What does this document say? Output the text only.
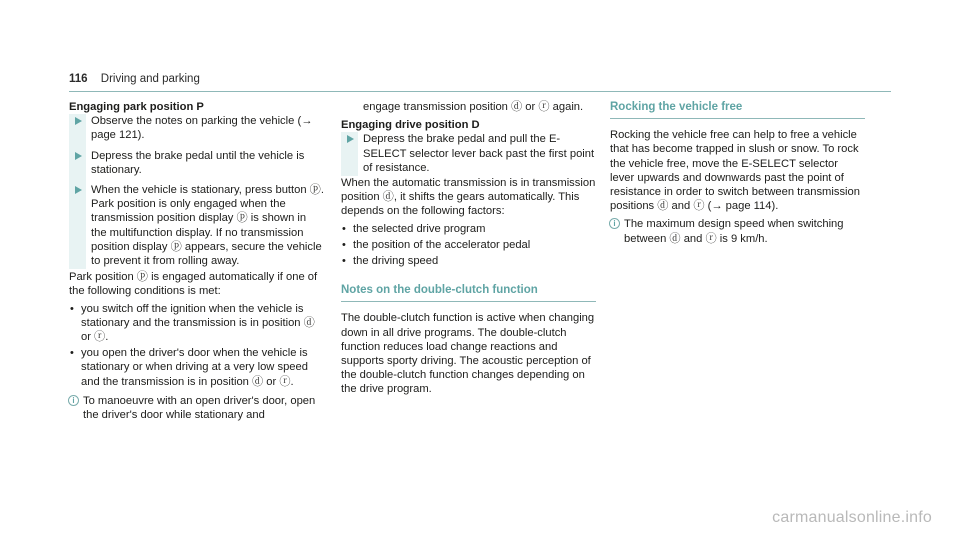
116 Driving and parking

Engaging park position P

Observe the notes on parking the vehicle (→ page 121).
Depress the brake pedal until the vehicle is stationary.

When the vehicle is stationary, press button ⓟ.

Park position is only engaged when the transmission position display ⓟ is shown in the multifunction display. If no transmission position display ⓟ appears, secure the vehicle to prevent it from rolling away.

Park position ⓟ is engaged automatically if one of the following conditions is met:

• you switch off the ignition when the vehicle is stationary and the transmission is in position ⓓ or ⓡ.
• you open the driver's door when the vehicle is stationary or when driving at a very low speed and the transmission is in position ⓓ or ⓡ.
i To manoeuvre with an open driver's door, open the driver's door while stationary and

engage transmission position ⓓ or ⓡ again.

Engaging drive position D

Depress the brake pedal and pull the E-SELECT selector lever back past the first point of resistance.

When the automatic transmission is in transmission position ⓓ, it shifts the gears automatically. This depends on the following factors:

• the selected drive program
• the position of the accelerator pedal
• the driving speed
Notes on the double-clutch function

The double-clutch function is active when changing down in all drive programs. The double-clutch function reduces load change reactions and supports sporty driving. The acoustic perception of the double-clutch function changes depending on the drive program.

Rocking the vehicle free

Rocking the vehicle free can help to free a vehicle that has become trapped in slush or snow. To rock the vehicle free, move the E-SELECT selector lever upwards and downwards past the point of resistance in order to switch between transmission positions ⓓ and ⓡ (→ page 114).

i The maximum design speed when switching between ⓓ and ⓡ is 9 km/h.
carmanualsonline.info
